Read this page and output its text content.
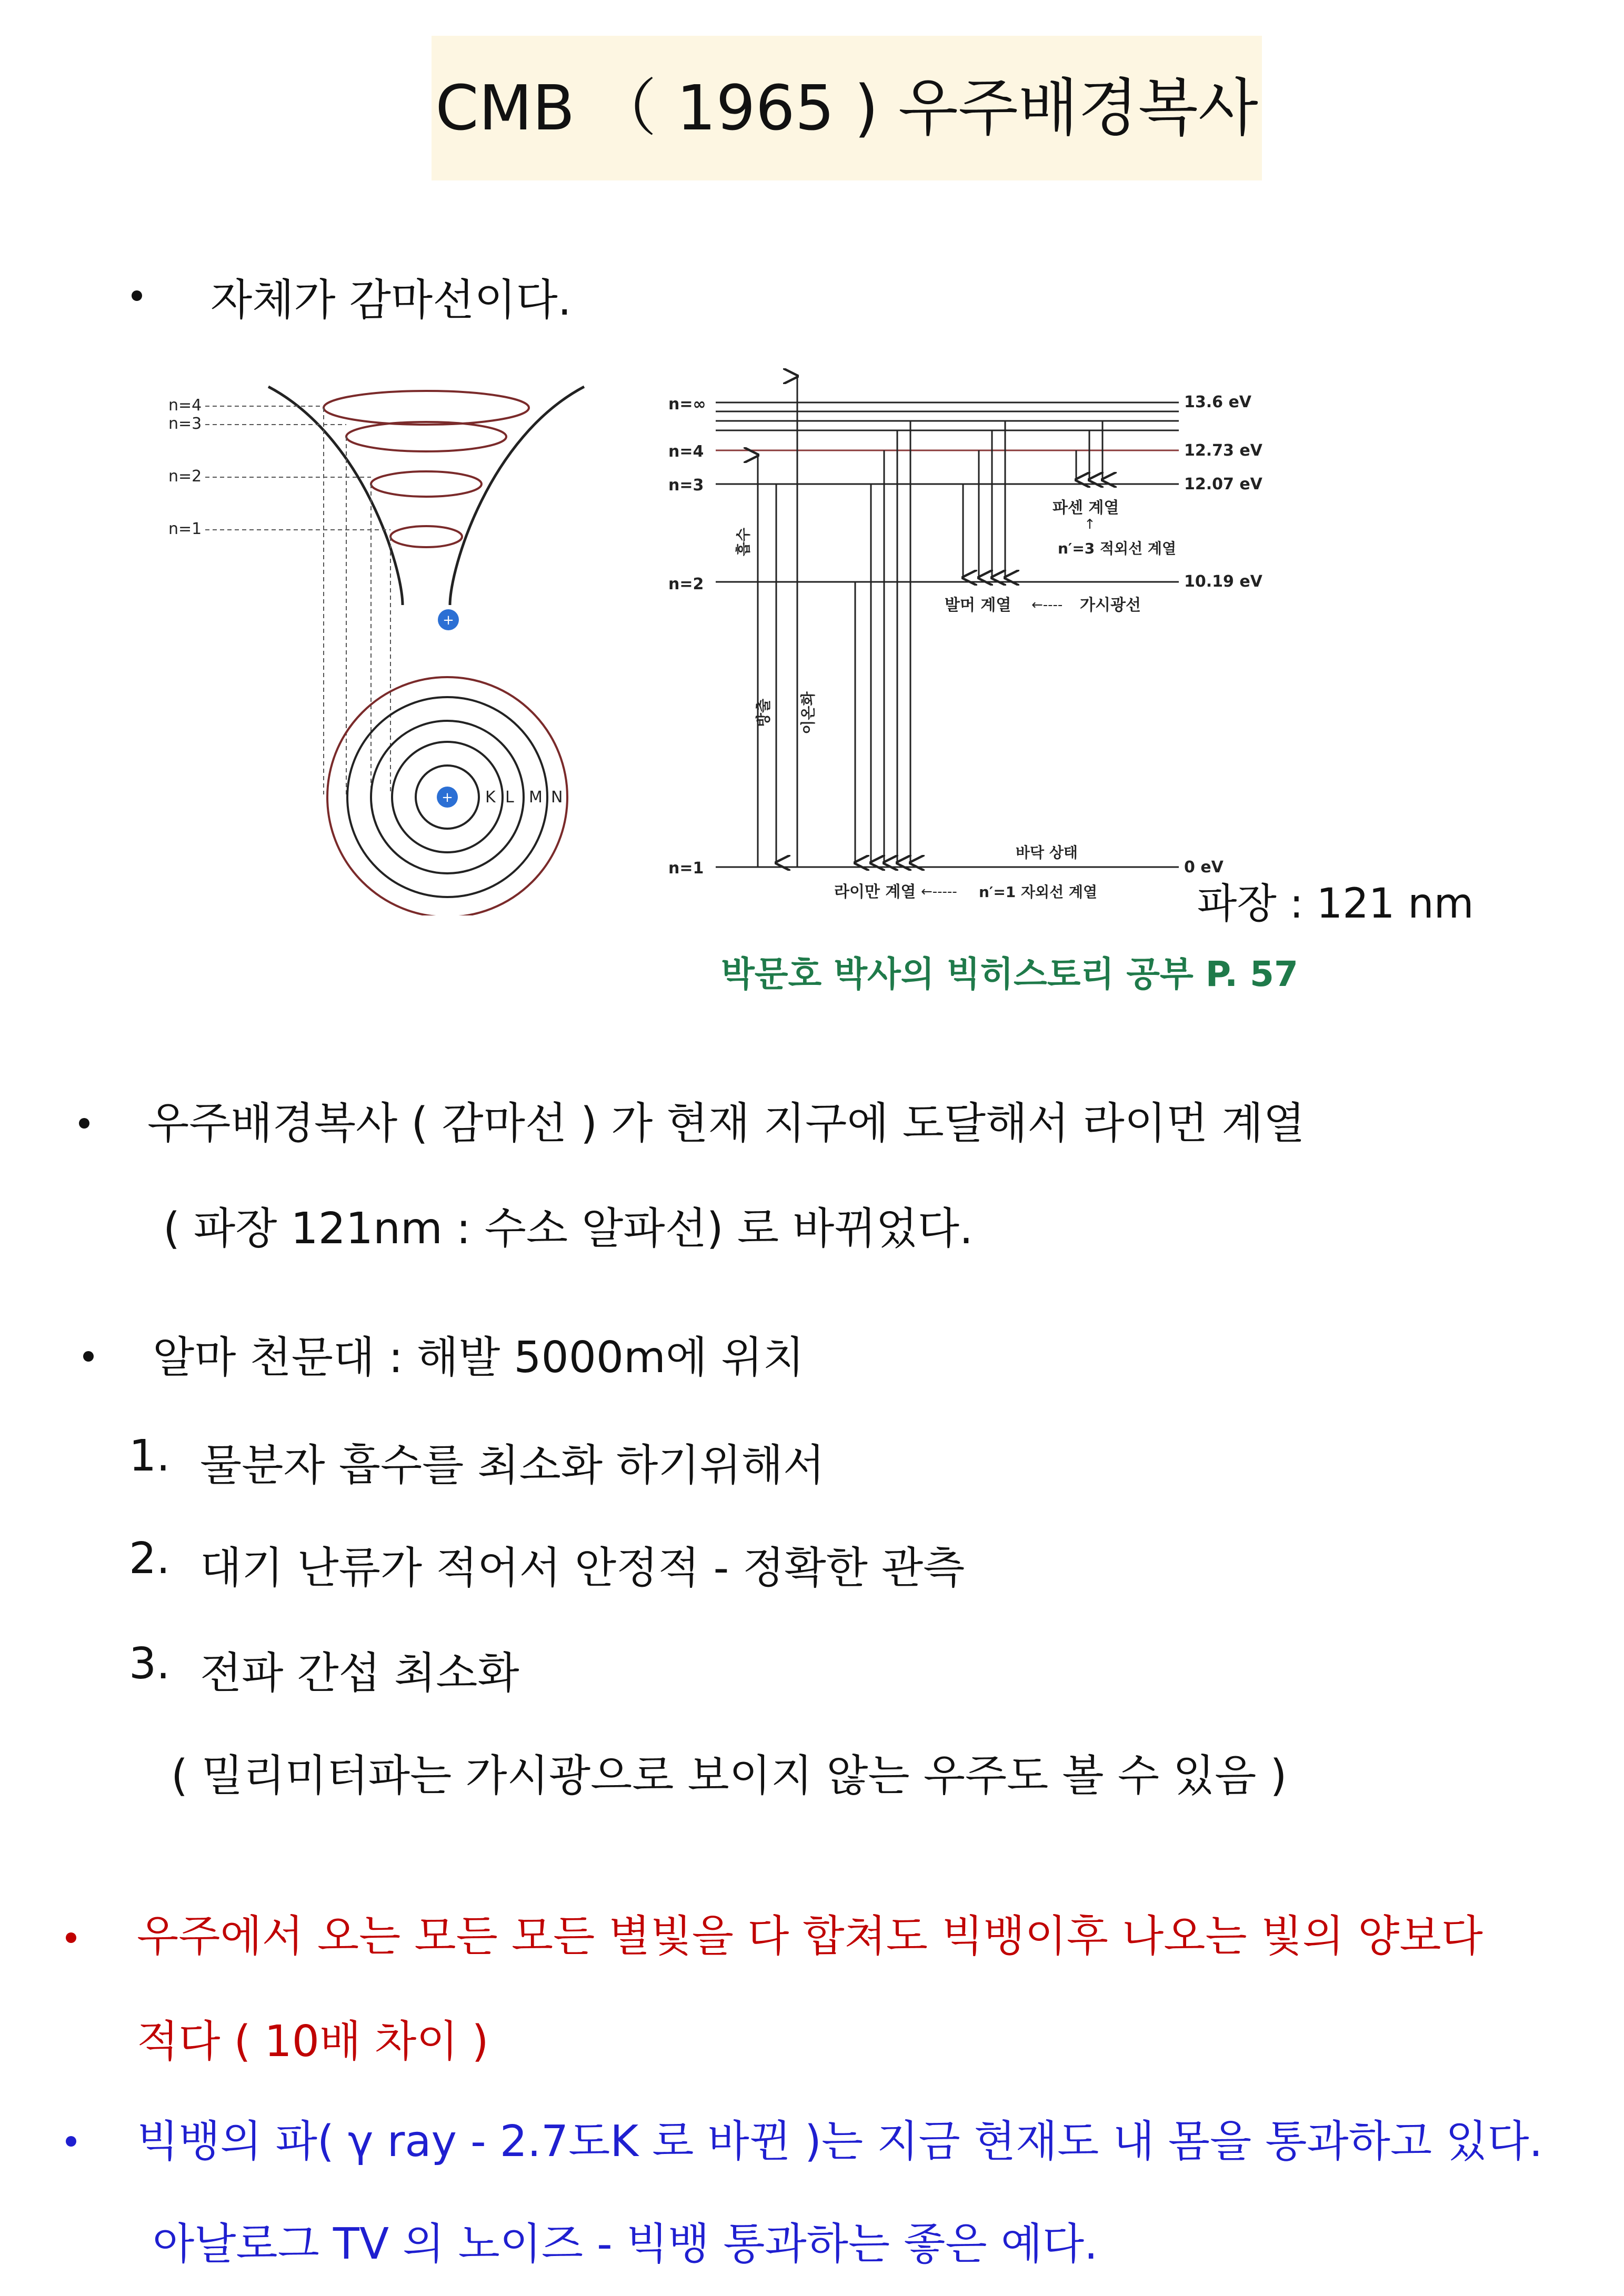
CMB （ 1965 ) 우주배경복사
자체가 감마선이다.
+
n=4
n=3
n=2
n=1
+ K L M N
n=∞
n=4
n=3
n=2
n=1
13.6 eV
12.73 eV
12.07 eV
10.19 eV
0 eV
흡수
방출 이온화
파센 계열
↑
n′=3 적외선 계열
발머 계열 ←---- 가시광선
바닥 상태
라이만 계열 ←----- n′=1 자외선 계열 파장 : 121 nm
박문호 박사의 빅히스토리 공부 P. 57
우주배경복사 ( 감마선 ) 가 현재 지구에 도달해서 라이먼 계열
( 파장 121nm : 수소 알파선) 로 바뀌었다.
알마 천문대 : 해발 5000m에 위치
1. 물분자 흡수를 최소화 하기위해서
2. 대기 난류가 적어서 안정적 - 정확한 관측
3. 전파 간섭 최소화
( 밀리미터파는 가시광으로 보이지 않는 우주도 볼 수 있음 )
우주에서 오는 모든 모든 별빛을 다 합쳐도 빅뱅이후 나오는 빛의 양보다
적다 ( 10배 차이 )
빅뱅의 파( γ ray - 2.7도K 로 바뀐 )는 지금 현재도 내 몸을 통과하고 있다.
아날로그 TV 의 노이즈 - 빅뱅 통과하는 좋은 예다.
